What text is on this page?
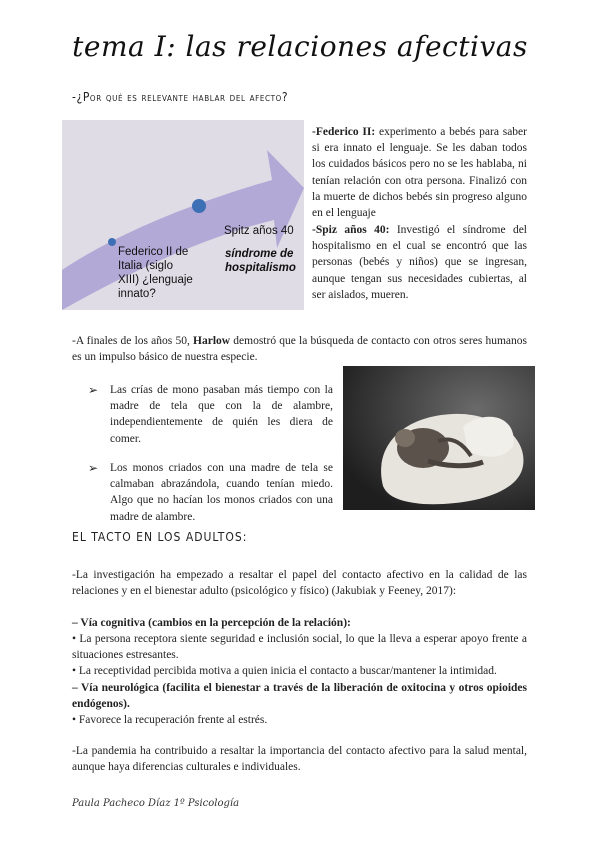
tema I: las relaciones afectivas
-¿Por qué es relevante hablar del afecto?
Federico II de
Italia (siglo
XIII) ¿lenguaje
innato?
Spitz años 40
síndrome de
hospitalismo
-Federico II: experimento a bebés para saber si era innato el lenguaje. Se les daban todos los cuidados básicos pero no se les hablaba, ni tenían relación con otra persona. Finalizó con la muerte de dichos bebés sin progreso alguno en el lenguaje
-Spiz años 40: Investigó el síndrome del hospitalismo en el cual se encontró que las personas (bebés y niños) que se ingresan, aunque tengan sus necesidades cubiertas, al ser aislados, mueren.
-A finales de los años 50, Harlow demostró que la búsqueda de contacto con otros seres humanos es un impulso básico de nuestra especie.
➢	Las crías de mono pasaban más tiempo con la madre de tela que con la de alambre, independientemente de quién les diera de comer.
➢	Los monos criados con una madre de tela se calmaban abrazándola, cuando tenían miedo. Algo que no hacían los monos criados con una madre de alambre.
EL TACTO EN LOS ADULTOS:
-La investigación ha empezado a resaltar el papel del contacto afectivo en la calidad de las relaciones y en el bienestar adulto (psicológico y físico) (Jakubiak y Feeney, 2017):
– Vía cognitiva (cambios en la percepción de la relación):
• La persona receptora siente seguridad e inclusión social, lo que la lleva a esperar apoyo frente a situaciones estresantes.
• La receptividad percibida motiva a quien inicia el contacto a buscar/mantener la intimidad.
– Vía neurológica (facilita el bienestar a través de la liberación de oxitocina y otros opioides endógenos).
• Favorece la recuperación frente al estrés.
-La pandemia ha contribuido a resaltar la importancia del contacto afectivo para la salud mental, aunque haya diferencias culturales e individuales.
Paula Pacheco Díaz 1º Psicología
